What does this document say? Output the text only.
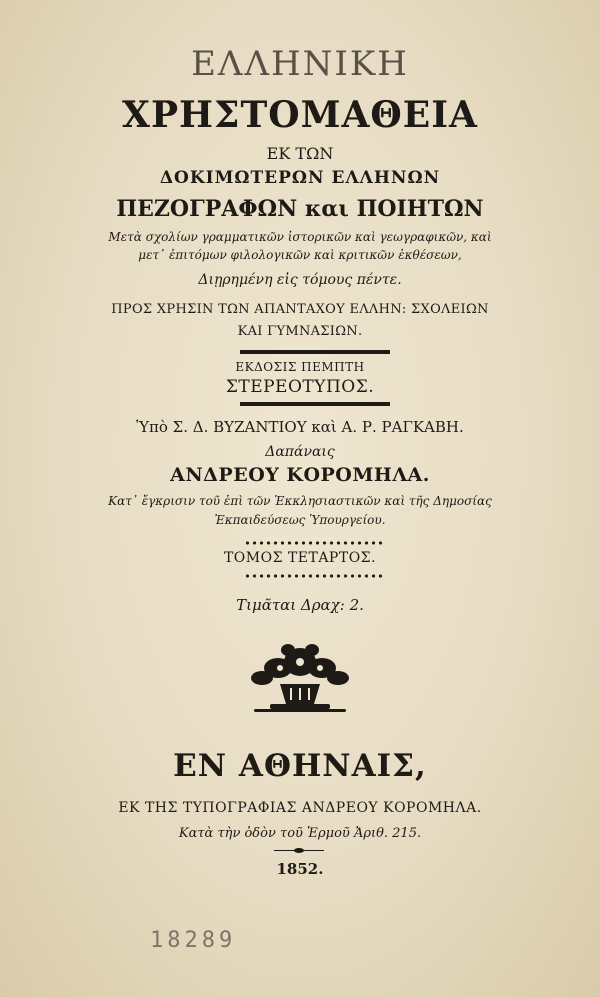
ΕΛΛΗΝΙΚΗ
ΧΡΗΣΤΟΜΑΘΕΙΑ
ΕΚ ΤΩΝ
ΔΟΚΙΜΩΤΕΡΩΝ ΕΛΛΗΝΩΝ
ΠΕΖΟΓΡΑΦΩΝ και ΠΟΙΗΤΩΝ
Μετὰ σχολίων γραμματικῶν ἱστορικῶν καὶ γεωγραφικῶν, καὶ
μετ᾿ ἐπιτόμων φιλολογικῶν καὶ κριτικῶν ἐκθέσεων,
Διῃρημένη εἰς τόμους πέντε.
ΠΡΟΣ ΧΡΗΣΙΝ ΤΩΝ ΑΠΑΝΤΑΧΟΥ ΕΛΛΗΝ: ΣΧΟΛΕΙΩΝ
ΚΑΙ ΓΥΜΝΑΣΙΩΝ.
ΕΚΔΟΣΙΣ ΠΕΜΠΤΗ
ΣΤΕΡΕΟΤΥΠΟΣ.
Ὑπὸ Σ. Δ. ΒΥΖΑΝΤΙΟΥ καὶ Α. Ρ. ΡΑΓΚΑΒΗ.
Δαπάναις
ΑΝΔΡΕΟΥ ΚΟΡΟΜΗΛΑ.
Κατ᾿ ἔγκρισιν τοῦ ἐπὶ τῶν Ἐκκλησιαστικῶν καὶ τῆς Δημοσίας
Ἐκπαιδεύσεως Ὑπουργείου.
ΤΟΜΟΣ ΤΕΤΑΡΤΟΣ.
Τιμᾶται Δραχ: 2.
ΕΝ ΑΘΗΝΑΙΣ,
ΕΚ ΤΗΣ ΤΥΠΟΓΡΑΦΙΑΣ ΑΝΔΡΕΟΥ ΚΟΡΟΜΗΛΑ.
Κατὰ τὴν ὁδὸν τοῦ Ἑρμοῦ Ἀριθ. 215.
1852.
18289
